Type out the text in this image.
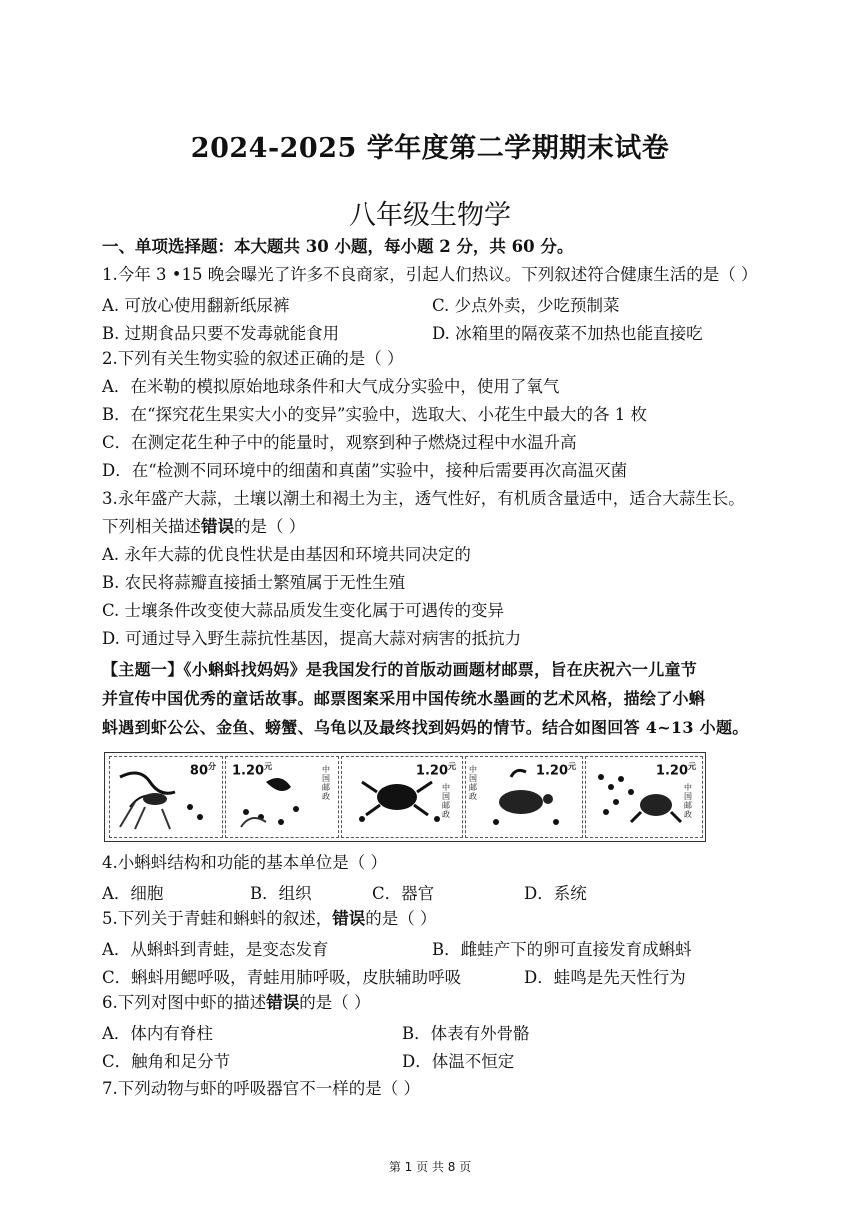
2024-2025 学年度第二学期期末试卷
八年级生物学
一、单项选择题：本大题共 30 小题，每小题 2 分，共 60 分。
1.今年 3 •15 晚会曝光了许多不良商家，引起人们热议。下列叙述符合健康生活的是（ ）
A. 可放心使用翻新纸尿裤	C. 少点外卖，少吃预制菜
B. 过期食品只要不发毒就能食用	D. 冰箱里的隔夜菜不加热也能直接吃
2.下列有关生物实验的叙述正确的是（ ）
A．在米勒的模拟原始地球条件和大气成分实验中，使用了氧气
B．在“探究花生果实大小的变异”实验中，选取大、小花生中最大的各 1 枚
C．在测定花生种子中的能量时，观察到种子燃烧过程中水温升高
D．在“检测不同环境中的细菌和真菌”实验中，接种后需要再次高温灭菌
3.永年盛产大蒜，土壤以潮土和褐土为主，透气性好，有机质含量适中，适合大蒜生长。
下列相关描述错误的是（ ）
A. 永年大蒜的优良性状是由基因和环境共同决定的
B. 农民将蒜瓣直接插士繁殖属于无性生殖
C. 士壤条件改变使大蒜品质发生变化属于可遇传的变异
D. 可通过导入野生蒜抗性基因，提高大蒜对病害的抵抗力
【主题一】《小蝌蚪找妈妈》是我国发行的首版动画题材邮票，旨在庆祝六一儿童节
并宣传中国优秀的童话故事。邮票图案采用中国传统水墨画的艺术风格，描绘了小蝌
蚪遇到虾公公、金鱼、螃蟹、乌龟以及最终找到妈妈的情节。结合如图回答 4~13 小题。
$80^分$ $1.20^元$	中国邮政
$1.20^元$
中国邮政
$1.20^元$
中国邮政
$1.20^元$
中国邮政
4.小蝌蚪结构和功能的基本单位是（ ）
A．细胞	B．组织	C．器官	D．系统
5.下列关于青蛙和蝌蚪的叙述，错误的是（ ）
A．从蝌蚪到青蛙，是变态发育	B．雌蛙产下的卵可直接发育成蝌蚪
C．蝌蚪用鳃呼吸，青蛙用肺呼吸，皮肤辅助呼吸	D．蛙鸣是先天性行为
6.下列对图中虾的描述错误的是（ ）
A．体内有脊柱	B．体表有外骨骼
C．触角和足分节	D．体温不恒定
7.下列动物与虾的呼吸器官不一样的是（ ）
第 1 页 共 8 页
